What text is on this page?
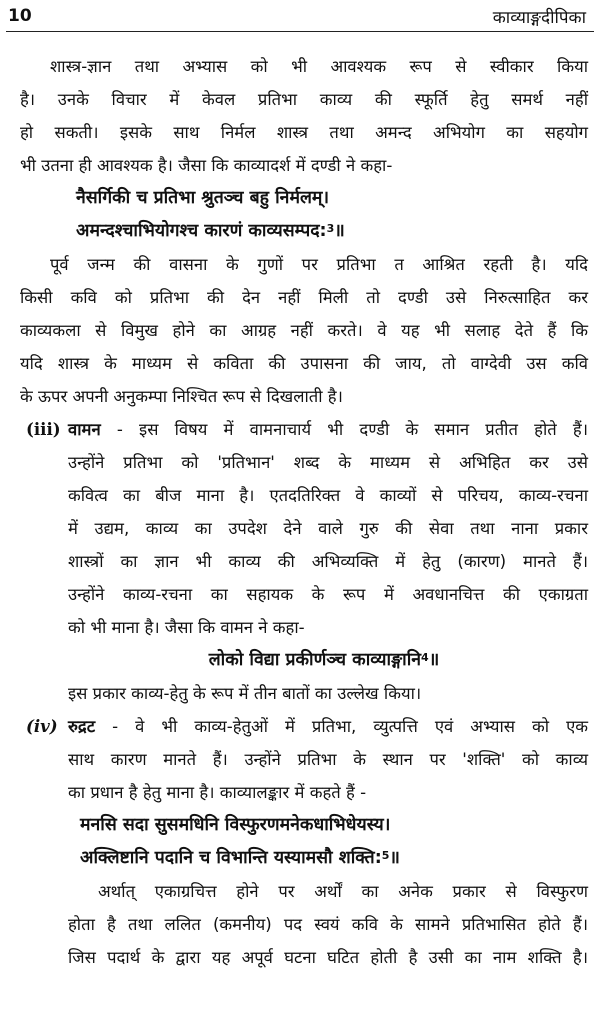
10	काव्याङ्गदीपिका
शास्त्र-ज्ञान तथा अभ्यास को भी आवश्यक रूप से स्वीकार किया
है। उनके विचार में केवल प्रतिभा काव्य की स्फूर्ति हेतु समर्थ नहीं
हो सकती। इसके साथ निर्मल शास्त्र तथा अमन्द अभियोग का सहयोग
भी उतना ही आवश्यक है। जैसा कि काव्यादर्श में दण्डी ने कहा-
नैसर्गिकी च प्रतिभा श्रुतञ्च बहु निर्मलम्।
अमन्दश्चाभियोगश्च कारणं काव्यसम्पद:$^3$॥
पूर्व जन्म की वासना के गुणों पर प्रतिभा त आश्रित रहती है। यदि
किसी कवि को प्रतिभा की देन नहीं मिली तो दण्डी उसे निरुत्साहित कर
काव्यकला से विमुख होने का आग्रह नहीं करते। वे यह भी सलाह देते हैं कि
यदि शास्त्र के माध्यम से कविता की उपासना की जाय, तो वाग्देवी उस कवि
के ऊपर अपनी अनुकम्पा निश्चित रूप से दिखलाती है।
(iii) वामन - इस विषय में वामनाचार्य भी दण्डी के समान प्रतीत होते हैं।
उन्होंने प्रतिभा को 'प्रतिभान' शब्द के माध्यम से अभिहित कर उसे
कवित्व का बीज माना है। एतदतिरिक्त वे काव्यों से परिचय, काव्य-रचना
में उद्यम, काव्य का उपदेश देने वाले गुरु की सेवा तथा नाना प्रकार
शास्त्रों का ज्ञान भी काव्य की अभिव्यक्ति में हेतु (कारण) मानते हैं।
उन्होंने काव्य-रचना का सहायक के रूप में अवधानचित्त की एकाग्रता
को भी माना है। जैसा कि वामन ने कहा-
लोको विद्या प्रकीर्णञ्च काव्याङ्गानि$^4$॥
इस प्रकार काव्य-हेतु के रूप में तीन बातों का उल्लेख किया।
(iv) रुद्रट - वे भी काव्य-हेतुओं में प्रतिभा, व्युत्पत्ति एवं अभ्यास को एक
साथ कारण मानते हैं। उन्होंने प्रतिभा के स्थान पर 'शक्ति' को काव्य
का प्रधान है हेतु माना है। काव्यालङ्कार में कहते हैं -
मनसि सदा सुसमधिनि विस्फुरणमनेकधाभिधेयस्य।
अक्लिष्टानि पदानि च विभान्ति यस्यामसौ शक्ति:$^5$॥
अर्थात् एकाग्रचित्त होने पर अर्थों का अनेक प्रकार से विस्फुरण
होता है तथा ललित (कमनीय) पद स्वयं कवि के सामने प्रतिभासित होते हैं।
जिस पदार्थ के द्वारा यह अपूर्व घटना घटित होती है उसी का नाम शक्ति है।
